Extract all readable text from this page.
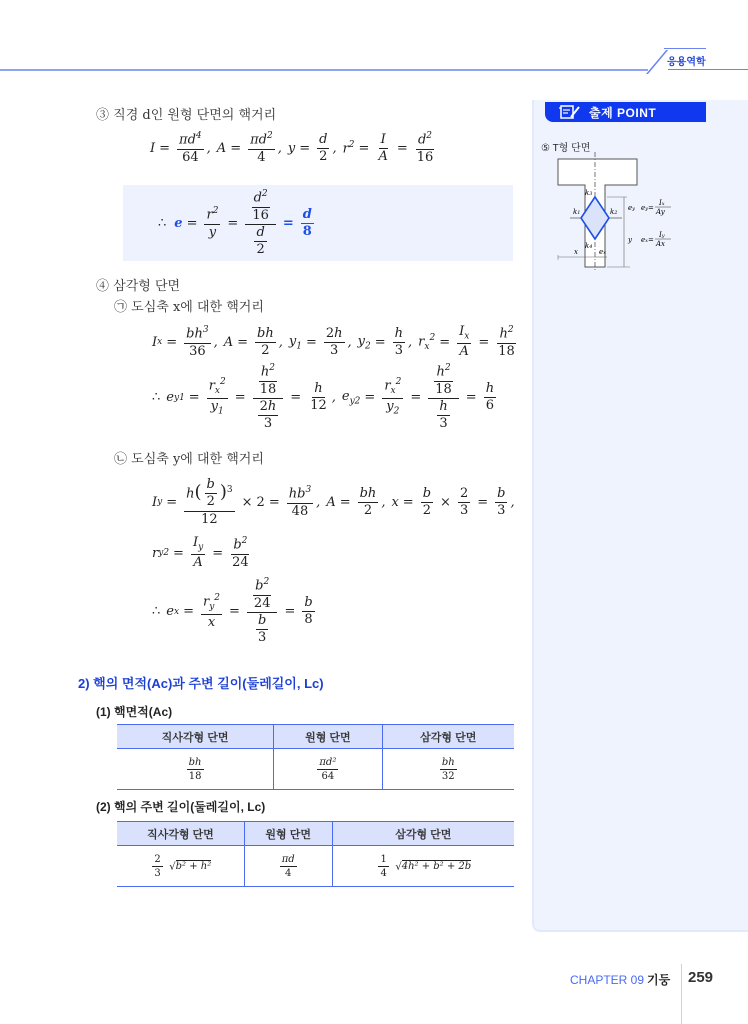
응용역학
출제 POINT
⑤ T형 단면
k3
k1	k2
k4
x	ex
ey
y
ey=
Ix
Ay
ex=
Iy
Ax
③ 직경 d인 원형 단면의 핵거리
$I = \frac{\pi d^4}{64}$ , $A = \frac{\pi d^2}{4}$ , $y = \frac{d}{2}$ , $r^2 = \frac{I}{A} = \frac{d^2}{16}$
∴ $e = \frac{r^2}{y} = \frac{\frac{d^2}{16}}{\frac{d}{2}} = \frac{d}{8}$
④ 삼각형 단면
㉠ 도심축 x에 대한 핵거리
I $x = \frac{bh^3}{36}$ , $A = \frac{bh}{2}$ , $y_1 = \frac{2h}{3}$ , $y_2 = \frac{h}{3}$ , $r_x^2 = \frac{I_x}{A} = \frac{h^2}{18}$
∴ e $y1 = \frac{r_x^2}{y_1} = \frac{\frac{h^2}{18}}{\frac{2h}{3}} = \frac{h}{12}$ , $e_{y2} = \frac{r_x^2}{y_2} = \frac{\frac{h^2}{18}}{\frac{h}{3}} = \frac{h}{6}$
㉡ 도심축 y에 대한 핵거리
I $y = \frac{h( \frac{b}{2} )^3}{12} \times 2 = \frac{hb^3}{48}$ , $A = \frac{bh}{2}$ , $x = \frac{b}{2} \times \frac{2}{3} = \frac{b}{3}$ ,
r y $2 = \frac{I_y}{A} = \frac{b^2}{24}$
∴ e $x = \frac{r_y^2}{x} = \frac{\frac{b^2}{24}}{\frac{b}{3}} = \frac{b}{8}$
2) 핵의 면적(Ac)과 주변 길이(둘레길이, Lc)
(1) 핵면적(Ac)
직사각형 단면	원형 단면	삼각형 단면

$\frac{bh}{18}$	$\frac{\text{πd²}}{64}$	$\frac{bh}{32}$
(2) 핵의 주변 길이(둘레길이, Lc)
직사각형 단면	원형 단면	삼각형 단면

$\frac{2}{3} √b^2 + h^2$	$\frac{\pi d}{4}$	$\frac{1}{4} √4h^2 + b^2 + 2b$
CHAPTER 09 기둥 259
